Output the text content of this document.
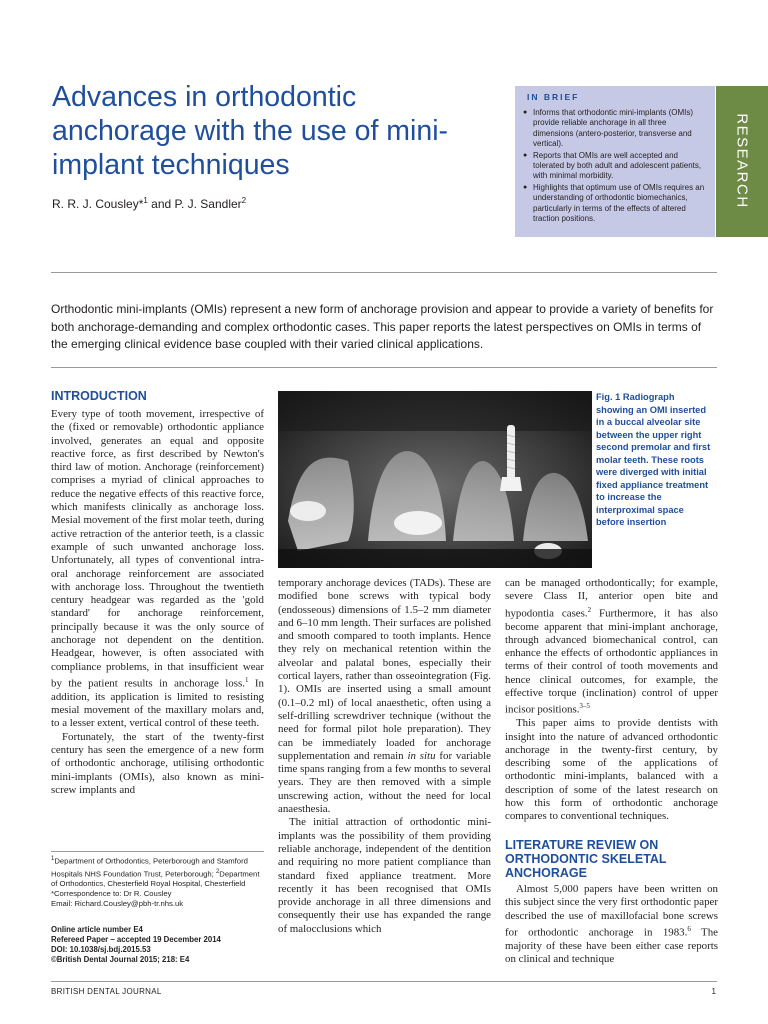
Advances in orthodontic anchorage with the use of mini-implant techniques
R. R. J. Cousley*$^1$ and P. J. Sandler$^2$
IN BRIEF
● Informs that orthodontic mini-implants (OMIs) provide reliable anchorage in all three dimensions (antero-posterior, transverse and vertical).
● Reports that OMIs are well accepted and tolerated by both adult and adolescent patients, with minimal morbidity.
● Highlights that optimum use of OMIs requires an understanding of orthodontic biomechanics, particularly in terms of the effects of altered traction positions.
RESEARCH
Orthodontic mini-implants (OMIs) represent a new form of anchorage provision and appear to provide a variety of benefits for both anchorage-demanding and complex orthodontic cases. This paper reports the latest perspectives on OMIs in terms of the emerging clinical evidence base coupled with their varied clinical applications.
INTRODUCTION

Every type of tooth movement, irrespective of the (fixed or removable) orthodontic appliance involved, generates an equal and opposite reactive force, as first described by Newton's third law of motion. Anchorage (reinforcement) comprises a myriad of clinical approaches to reduce the negative effects of this reactive force, which manifests clinically as anchorage loss. Mesial movement of the first molar teeth, during active retraction of the anterior teeth, is a classic example of such unwanted anchorage loss. Unfortunately, all types of conventional intra-oral anchorage reinforcement are associated with anchorage loss. Throughout the twentieth century headgear was regarded as the 'gold standard' for anchorage reinforcement, principally because it was the only source of anchorage not dependent on the dentition. Headgear, however, is often associated with compliance problems, in that insufficient wear by the patient results in anchorage loss.$^1$ In addition, its application is limited to resisting mesial movement of the maxillary molars and, to a lesser extent, vertical control of these teeth.

Fortunately, the start of the twenty-first century has seen the emergence of a new form of orthodontic anchorage, utilising orthodontic mini-implants (OMIs), also known as mini-screw implants and

Fig. 1 Radiograph showing an OMI inserted in a buccal alveolar site between the upper right second premolar and first molar teeth. These roots were diverged with initial fixed appliance treatment to increase the interproximal space before insertion

temporary anchorage devices (TADs). These are modified bone screws with typical body (endosseous) dimensions of 1.5–2 mm diameter and 6–10 mm length. Their surfaces are polished and smooth compared to tooth implants. Hence they rely on mechanical retention within the alveolar and palatal bones, especially their cortical layers, rather than osseointegration (Fig. 1). OMIs are inserted using a small amount (0.1–0.2 ml) of local anaesthetic, often using a self-drilling screwdriver technique (without the need for formal pilot hole preparation). They can be immediately loaded for anchorage supplementation and remain in situ for variable time spans ranging from a few months to several years. They are then removed with a simple unscrewing action, without the need for local anaesthesia.

The initial attraction of orthodontic mini-implants was the possibility of them providing reliable anchorage, independent of the dentition and requiring no more patient compliance than standard fixed appliance treatment. More recently it has been recognised that OMIs provide anchorage in all three dimensions and consequently their use has expanded the range of malocclusions which

can be managed orthodontically; for example, severe Class II, anterior open bite and hypodontia cases.$^2$ Furthermore, it has also become apparent that mini-implant anchorage, through advanced biomechanical control, can enhance the effects of orthodontic appliances in terms of their control of tooth movements and hence clinical outcomes, for example, the effective torque (inclination) control of upper incisor positions.$^{3-5}$

This paper aims to provide dentists with insight into the nature of advanced orthodontic anchorage in the twenty-first century, by describing some of the applications of orthodontic mini-implants, balanced with a description of some of the latest research on how this form of orthodontic anchorage compares to conventional techniques.

LITERATURE REVIEW ON ORTHODONTIC SKELETAL ANCHORAGE

Almost 5,000 papers have been written on this subject since the very first orthodontic paper described the use of maxillofacial bone screws for orthodontic anchorage in 1983.$^6$ The majority of these have been either case reports on clinical and technique

$^1$Department of Orthodontics, Peterborough and Stamford Hospitals NHS Foundation Trust, Peterborough; $^2$Department of Orthodontics, Chesterfield Royal Hospital, Chesterfield

*Correspondence to: Dr R. Cousley

Email: Richard.Cousley@pbh-tr.nhs.uk

Online article number E4

Refereed Paper – accepted 19 December 2014

DOI: 10.1038/sj.bdj.2015.53

©British Dental Journal 2015; 218: E4

BRITISH DENTAL JOURNAL	1
